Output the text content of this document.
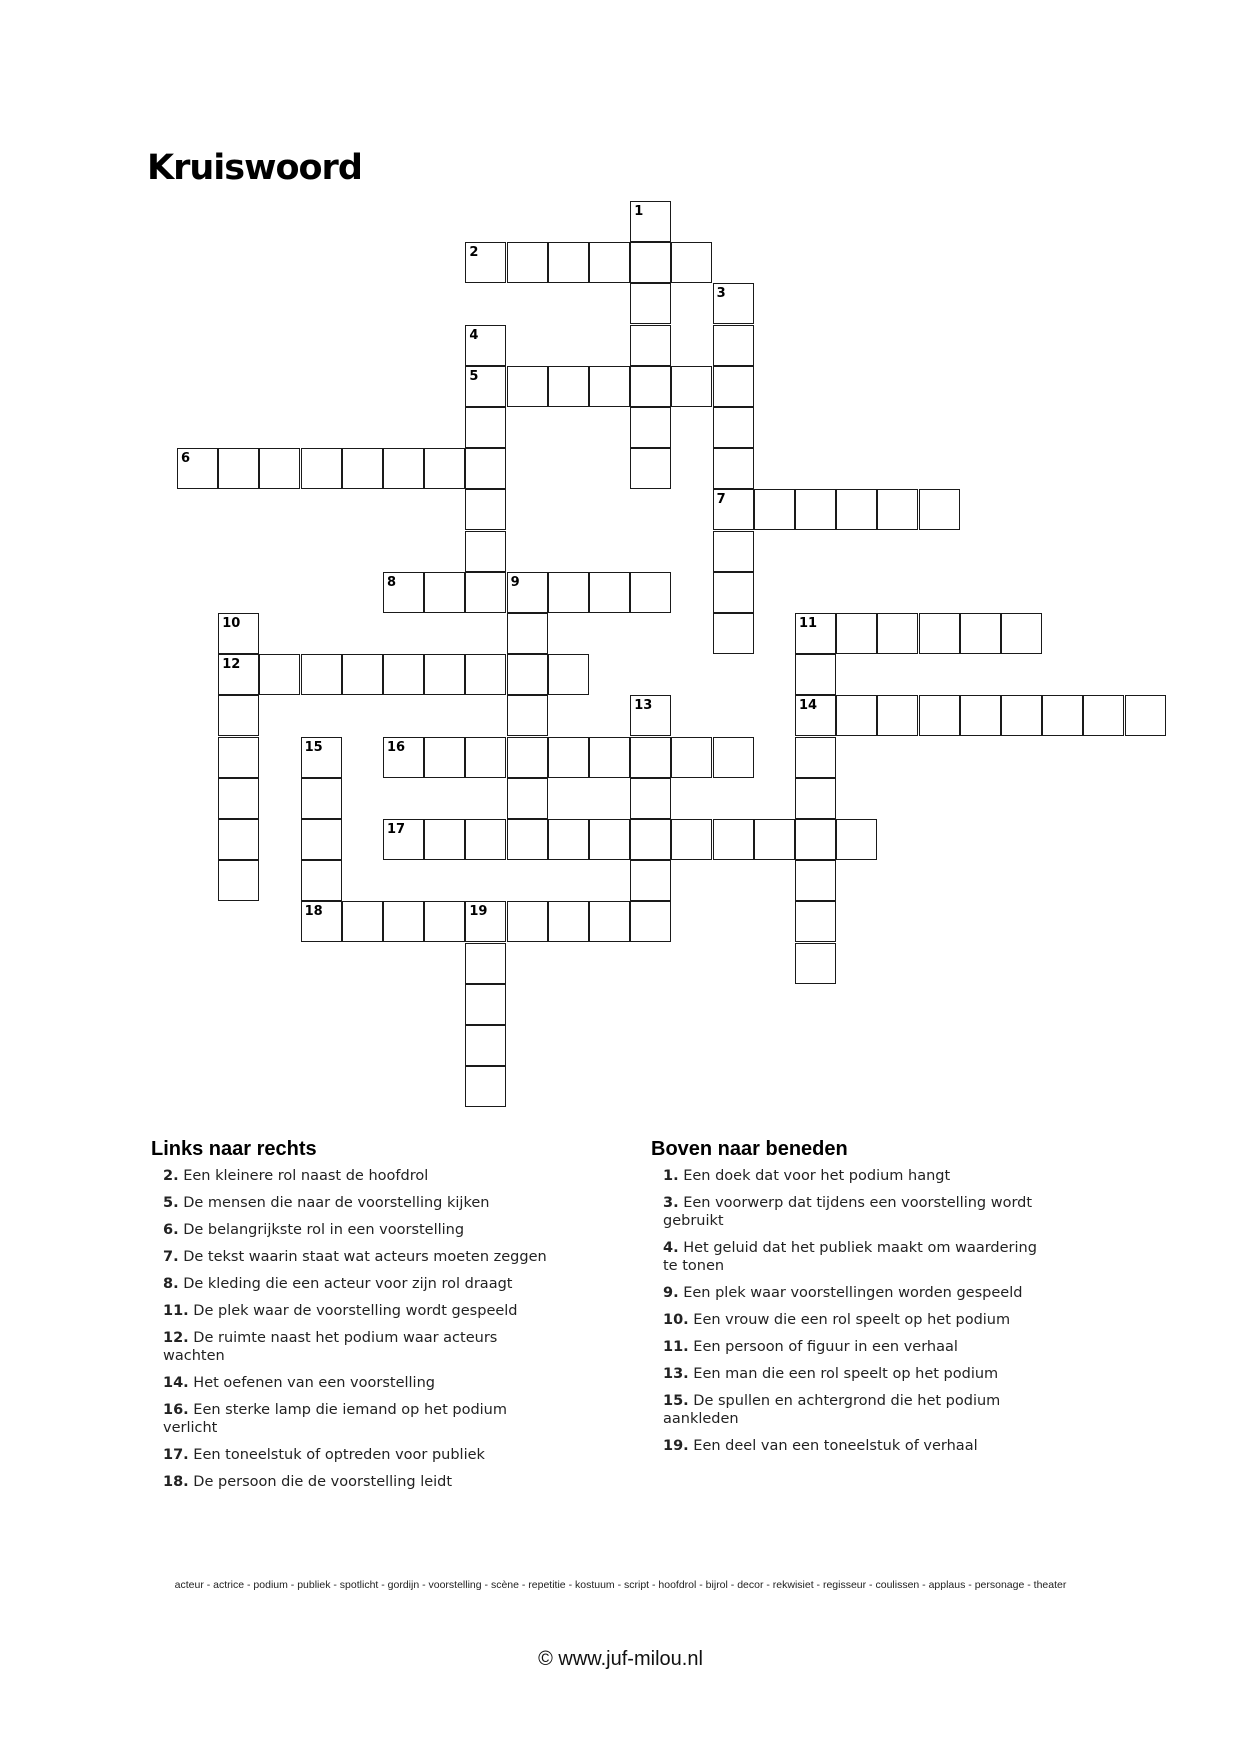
Kruiswoord
1
2
3
7
4
5
6
8	9
10
12
11
14
13
15
18
16
17
19
Links naar rechts
2. Een kleinere rol naast de hoofdrol
5. De mensen die naar de voorstelling kijken
6. De belangrijkste rol in een voorstelling
7. De tekst waarin staat wat acteurs moeten zeggen
8. De kleding die een acteur voor zijn rol draagt
11. De plek waar de voorstelling wordt gespeeld
12. De ruimte naast het podium waar acteurs wachten
14. Het oefenen van een voorstelling
16. Een sterke lamp die iemand op het podium verlicht
17. Een toneelstuk of optreden voor publiek
18. De persoon die de voorstelling leidt
Boven naar beneden
1. Een doek dat voor het podium hangt
3. Een voorwerp dat tijdens een voorstelling wordt gebruikt
4. Het geluid dat het publiek maakt om waardering te tonen
9. Een plek waar voorstellingen worden gespeeld
10. Een vrouw die een rol speelt op het podium
11. Een persoon of figuur in een verhaal
13. Een man die een rol speelt op het podium
15. De spullen en achtergrond die het podium aankleden
19. Een deel van een toneelstuk of verhaal
acteur - actrice - podium - publiek - spotlicht - gordijn - voorstelling - scène - repetitie - kostuum - script - hoofdrol - bijrol - decor - rekwisiet - regisseur - coulissen - applaus - personage - theater
© www.juf-milou.nl
